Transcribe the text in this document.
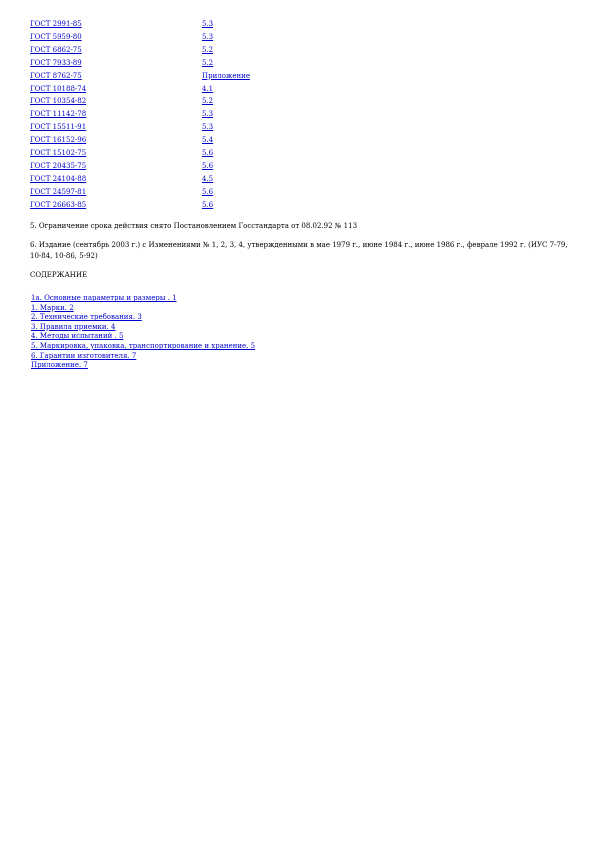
ГОСТ 2991-85	5.3
ГОСТ 5959-80	5.3
ГОСТ 6862-75	5.2
ГОСТ 7933-89	5.2
ГОСТ 8762-75	Приложение
ГОСТ 10188-74	4.1
ГОСТ 10354-82	5.2
ГОСТ 11142-78	5.3
ГОСТ 15511-91	5.3
ГОСТ 16152-96	5.4
ГОСТ 15102-75	5.6
ГОСТ 20435-75	5.6
ГОСТ 24104-88	4.5
ГОСТ 24597-81	5.6
ГОСТ 26663-85	5.6

5. Ограничение срока действия снято Постановлением Госстандарта от 08.02.92 № 113

6. Издание (сентябрь 2003 г.) с Изменениями № 1, 2, 3, 4, утвержденными в мае 1979 г., июне 1984 г., июне 1986 г., феврале 1992 г. (ИУС 7-79, 10-84, 10-86, 5-92)

СОДЕРЖАНИЕ

1а. Основные параметры и размеры . 1
1. Марки. 2
2. Технические требования. 3
3. Правила приемки. 4
4. Методы испытаний . 5
5. Маркировка, упаковка, транспортирование и хранение. 5
6. Гарантии изготовителя. 7
Приложение. 7
